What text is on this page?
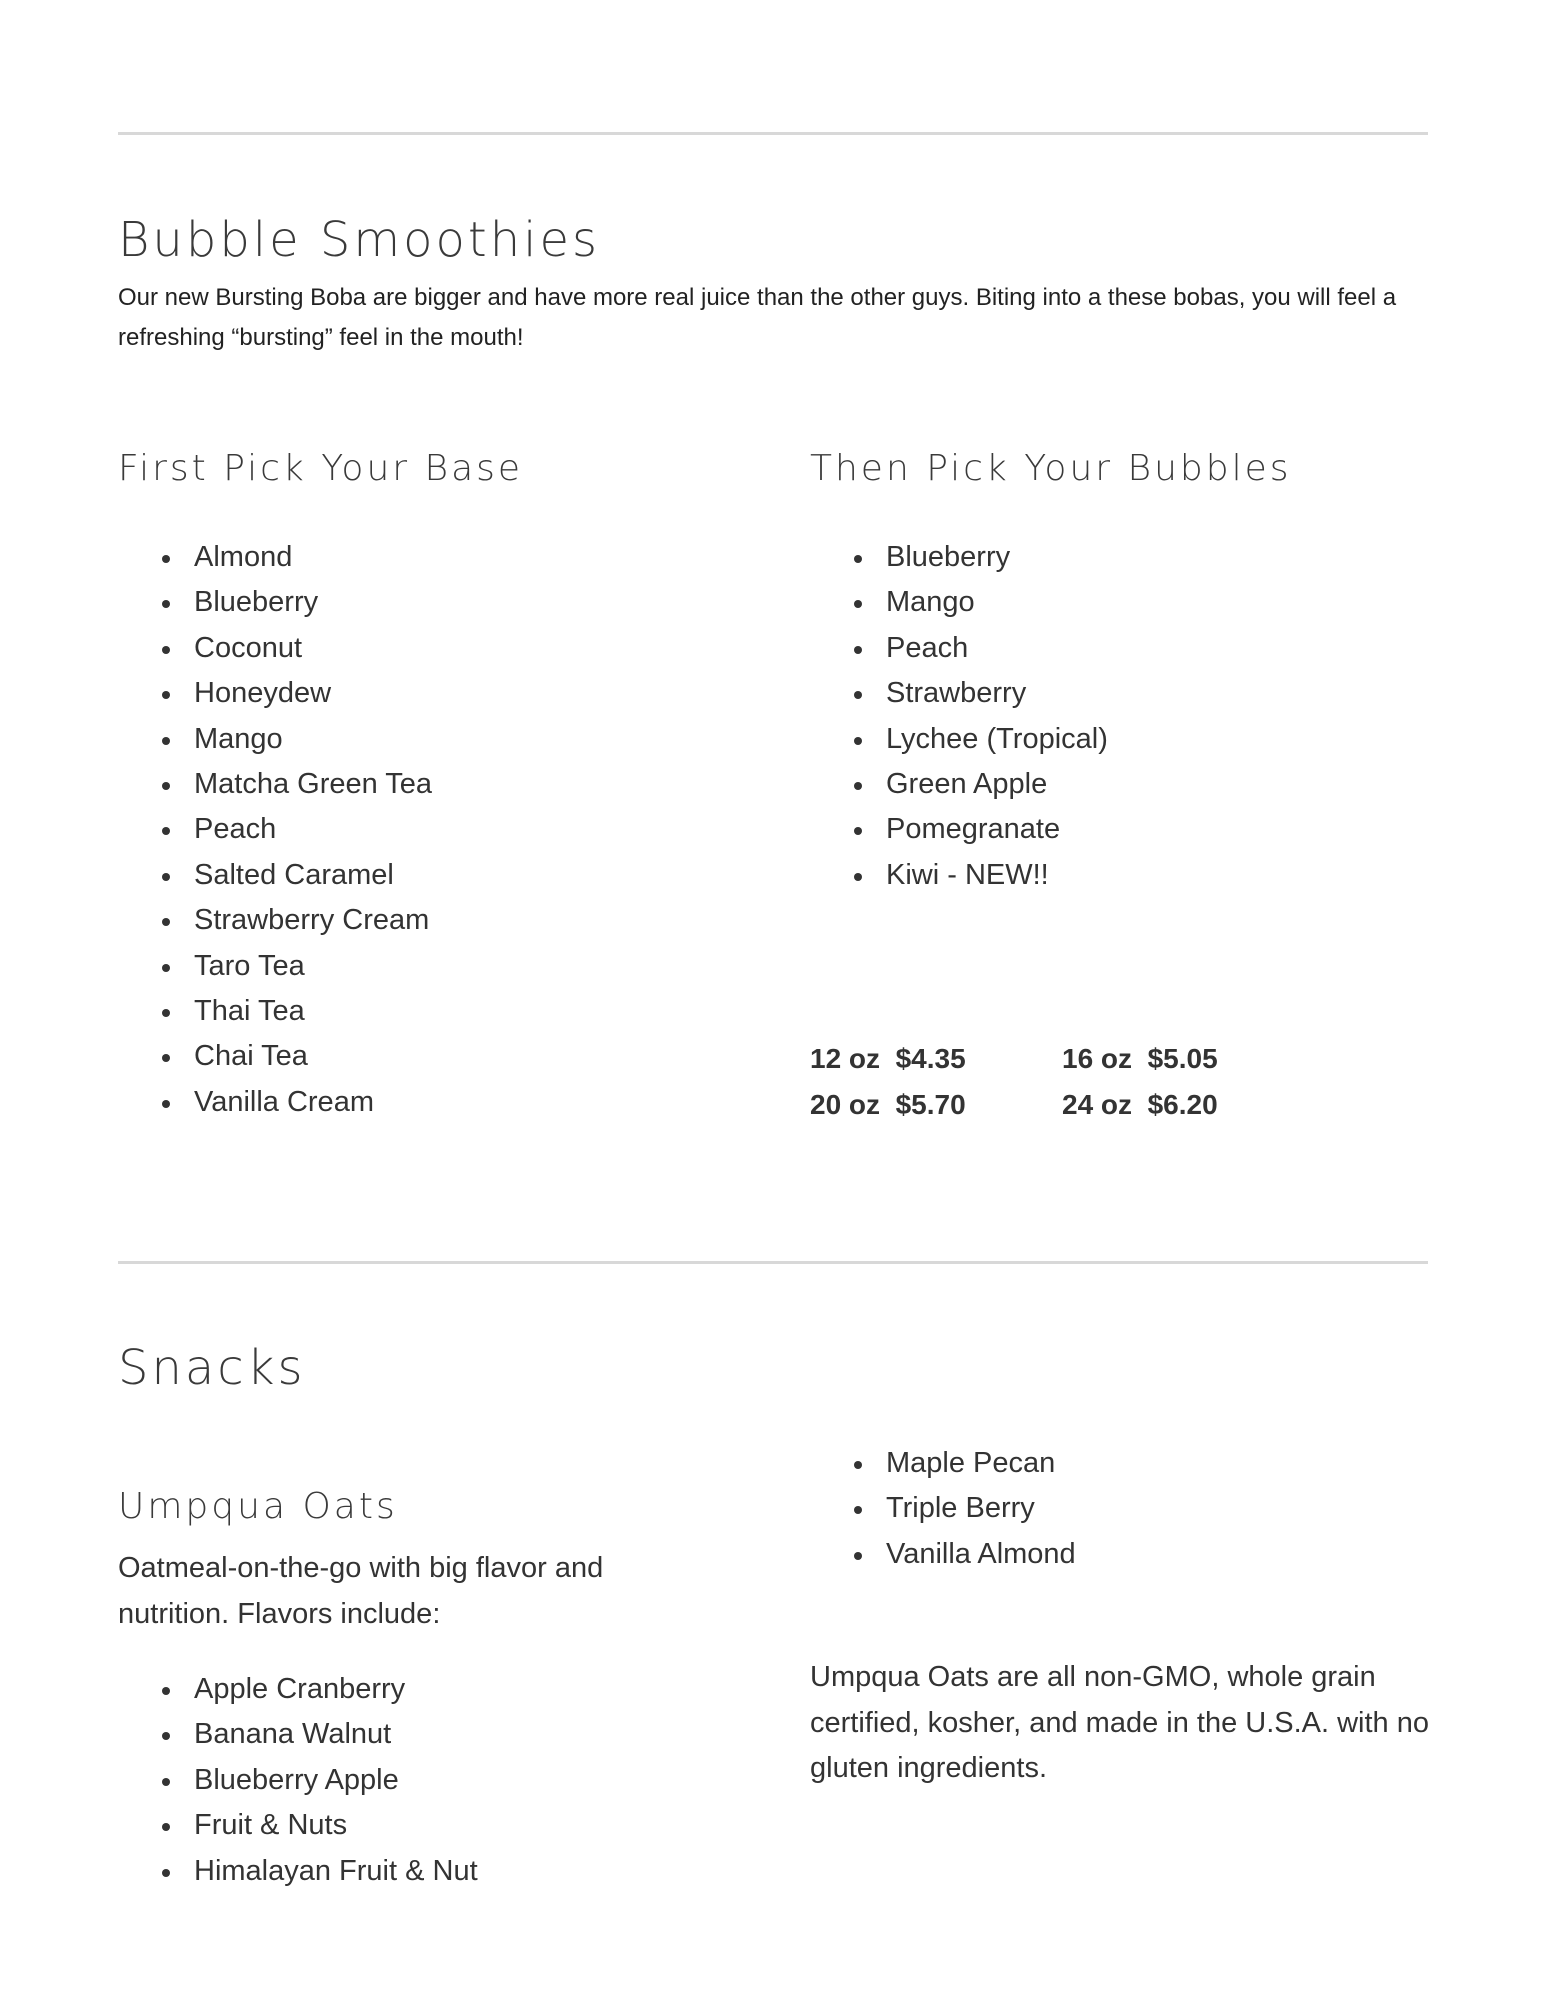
Bubble Smoothies

Our new Bursting Boba are bigger and have more real juice than the other guys. Biting into a these bobas, you will feel a refreshing “bursting” feel in the mouth!

First Pick Your Base
Almond
Blueberry
Coconut
Honeydew
Mango
Matcha Green Tea
Peach
Salted Caramel
Strawberry Cream
Taro Tea
Thai Tea
Chai Tea
Vanilla Cream
Then Pick Your Bubbles
Blueberry
Mango
Peach
Strawberry
Lychee (Tropical)
Green Apple
Pomegranate
Kiwi - NEW!!
12 oz  $4.35	16 oz  $5.05
20 oz  $5.70	24 oz  $6.20
Snacks
Umpqua Oats

Oatmeal-on-the-go with big flavor and nutrition. Flavors include:

Apple Cranberry
Banana Walnut
Blueberry Apple
Fruit & Nuts
Himalayan Fruit & Nut
Maple Pecan
Triple Berry
Vanilla Almond

Umpqua Oats are all non-GMO, whole grain certified, kosher, and made in the U.S.A. with no gluten ingredients.
